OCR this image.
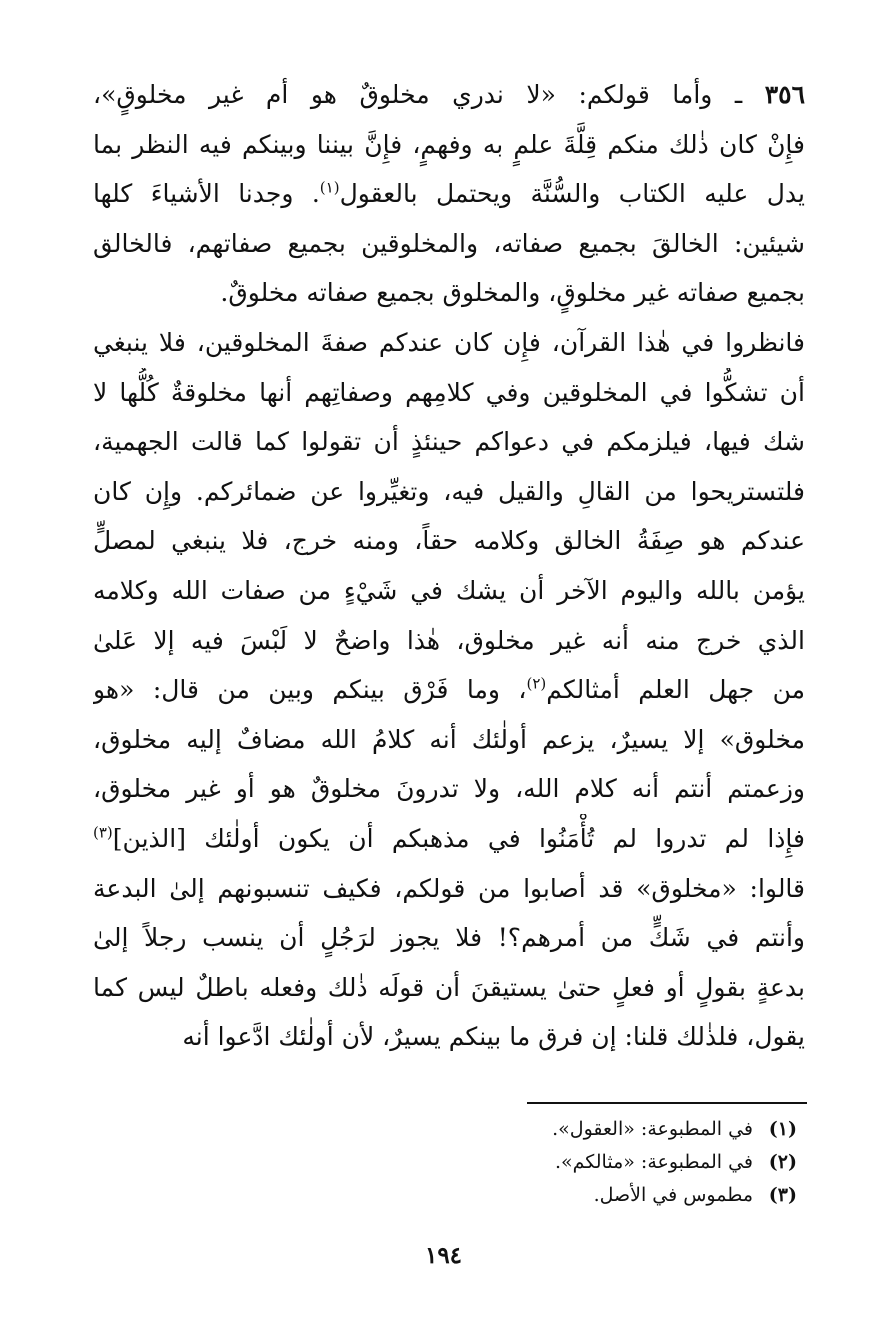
٣٥٦ ـ وأما قولكم: «لا ندري مخلوقٌ هو أم غير مخلوقٍ»،
فإِنْ كان ذٰلك منكم قِلَّةَ علمٍ به وفهمٍ، فإِنَّ بيننا وبينكم فيه النظر بما
يدل عليه الكتاب والسُّنَّة ويحتمل بالعقول$^{(١)}$. وجدنا الأشياءَ كلها
شيئين: الخالقَ بجميع صفاته، والمخلوقين بجميع صفاتهم، فالخالق
بجميع صفاته غير مخلوقٍ، والمخلوق بجميع صفاته مخلوقٌ.
فانظروا في هٰذا القرآن، فإِن كان عندكم صفةَ المخلوقين، فلا ينبغي
أن تشكُّوا في المخلوقين وفي كلامِهم وصفاتِهم أنها مخلوقةٌ كُلُّها لا
شك فيها، فيلزمكم في دعواكم حينئذٍ أن تقولوا كما قالت الجهمية،
فلتستريحوا من القالِ والقيل فيه، وتغيِّروا عن ضمائركم. وإِن كان
عندكم هو صِفَةُ الخالق وكلامه حقاً، ومنه خرج، فلا ينبغي لمصلٍّ
يؤمن بالله واليوم الآخر أن يشك في شَيْءٍ من صفات الله وكلامه
الذي خرج منه أنه غير مخلوق، هٰذا واضحٌ لا لَبْسَ فيه إلا عَلىٰ
من جهل العلم أمثالكم$^{(٢)}$، وما فَرْق بينكم وبين من قال: «هو
مخلوق» إلا يسيرٌ، يزعم أولٰئك أنه كلامُ الله مضافٌ إليه مخلوق،
وزعمتم أنتم أنه كلام الله، ولا تدرونَ مخلوقٌ هو أو غير مخلوق،
فإِذا لم تدروا لم تُأْمَنُوا في مذهبكم أن يكون أولٰئك [الذين]$^{(٣)}$
قالوا: «مخلوق» قد أصابوا من قولكم، فكيف تنسبونهم إلىٰ البدعة
وأنتم في شَكٍّ من أمرهم؟! فلا يجوز لرَجُلٍ أن ينسب رجلاً إلىٰ
بدعةٍ بقولٍ أو فعلٍ حتىٰ يستيقنَ أن قولَه ذٰلك وفعله باطلٌ ليس كما
يقول، فلذٰلك قلنا: إن فرق ما بينكم يسيرٌ، لأن أولٰئك ادَّعوا أنه
(١)في المطبوعة: «العقول».
(٢)في المطبوعة: «مثالكم».
(٣)مطموس في الأصل.
١٩٤
